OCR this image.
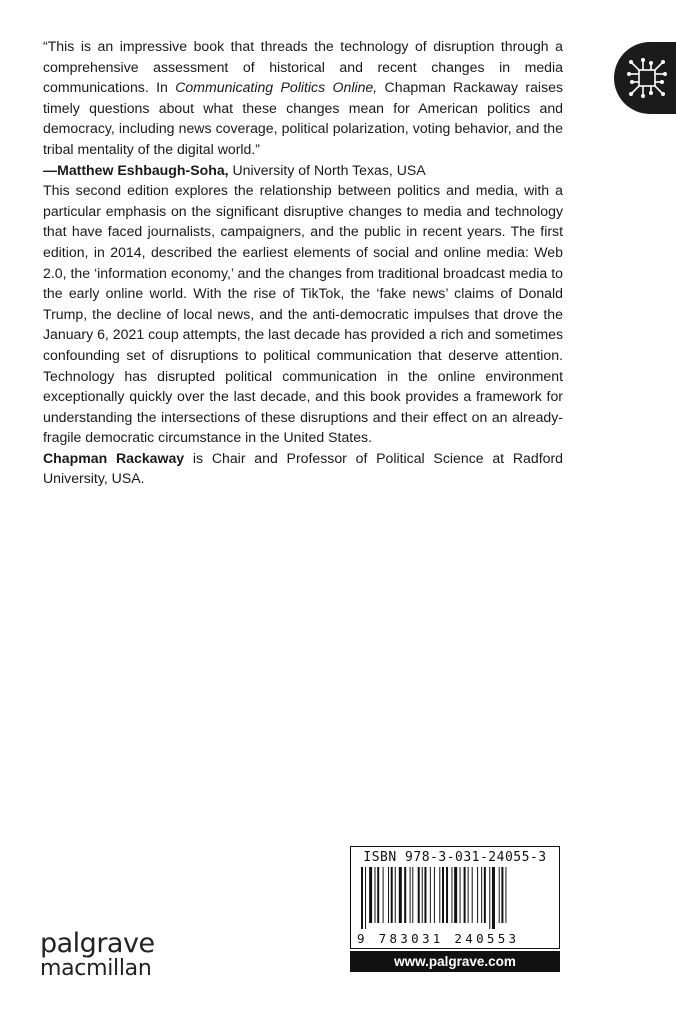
“This is an impressive book that threads the technology of disruption through a comprehensive assessment of historical and recent changes in media communications. In Communicating Politics Online, Chapman Rackaway raises timely questions about what these changes mean for American politics and democracy, including news coverage, political polarization, voting behavior, and the tribal mentality of the digital world.”
—Matthew Eshbaugh-Soha, University of North Texas, USA

This second edition explores the relationship between politics and media, with a particular emphasis on the significant disruptive changes to media and technology that have faced journalists, campaigners, and the public in recent years. The first edition, in 2014, described the earliest elements of social and online media: Web 2.0, the ‘information economy,’ and the changes from traditional broadcast media to the early online world. With the rise of TikTok, the ‘fake news’ claims of Donald Trump, the decline of local news, and the anti-democratic impulses that drove the January 6, 2021 coup attempts, the last decade has provided a rich and sometimes confounding set of disruptions to political communication that deserve attention. Technology has disrupted political communication in the online environment exceptionally quickly over the last decade, and this book provides a framework for understanding the intersections of these disruptions and their effect on an already-fragile democratic circumstance in the United States.

Chapman Rackaway is Chair and Professor of Political Science at Radford University, USA.

ISBN 978-3-031-24055-3
9 783031 240553
www.palgrave.com
palgrave
macmillan
